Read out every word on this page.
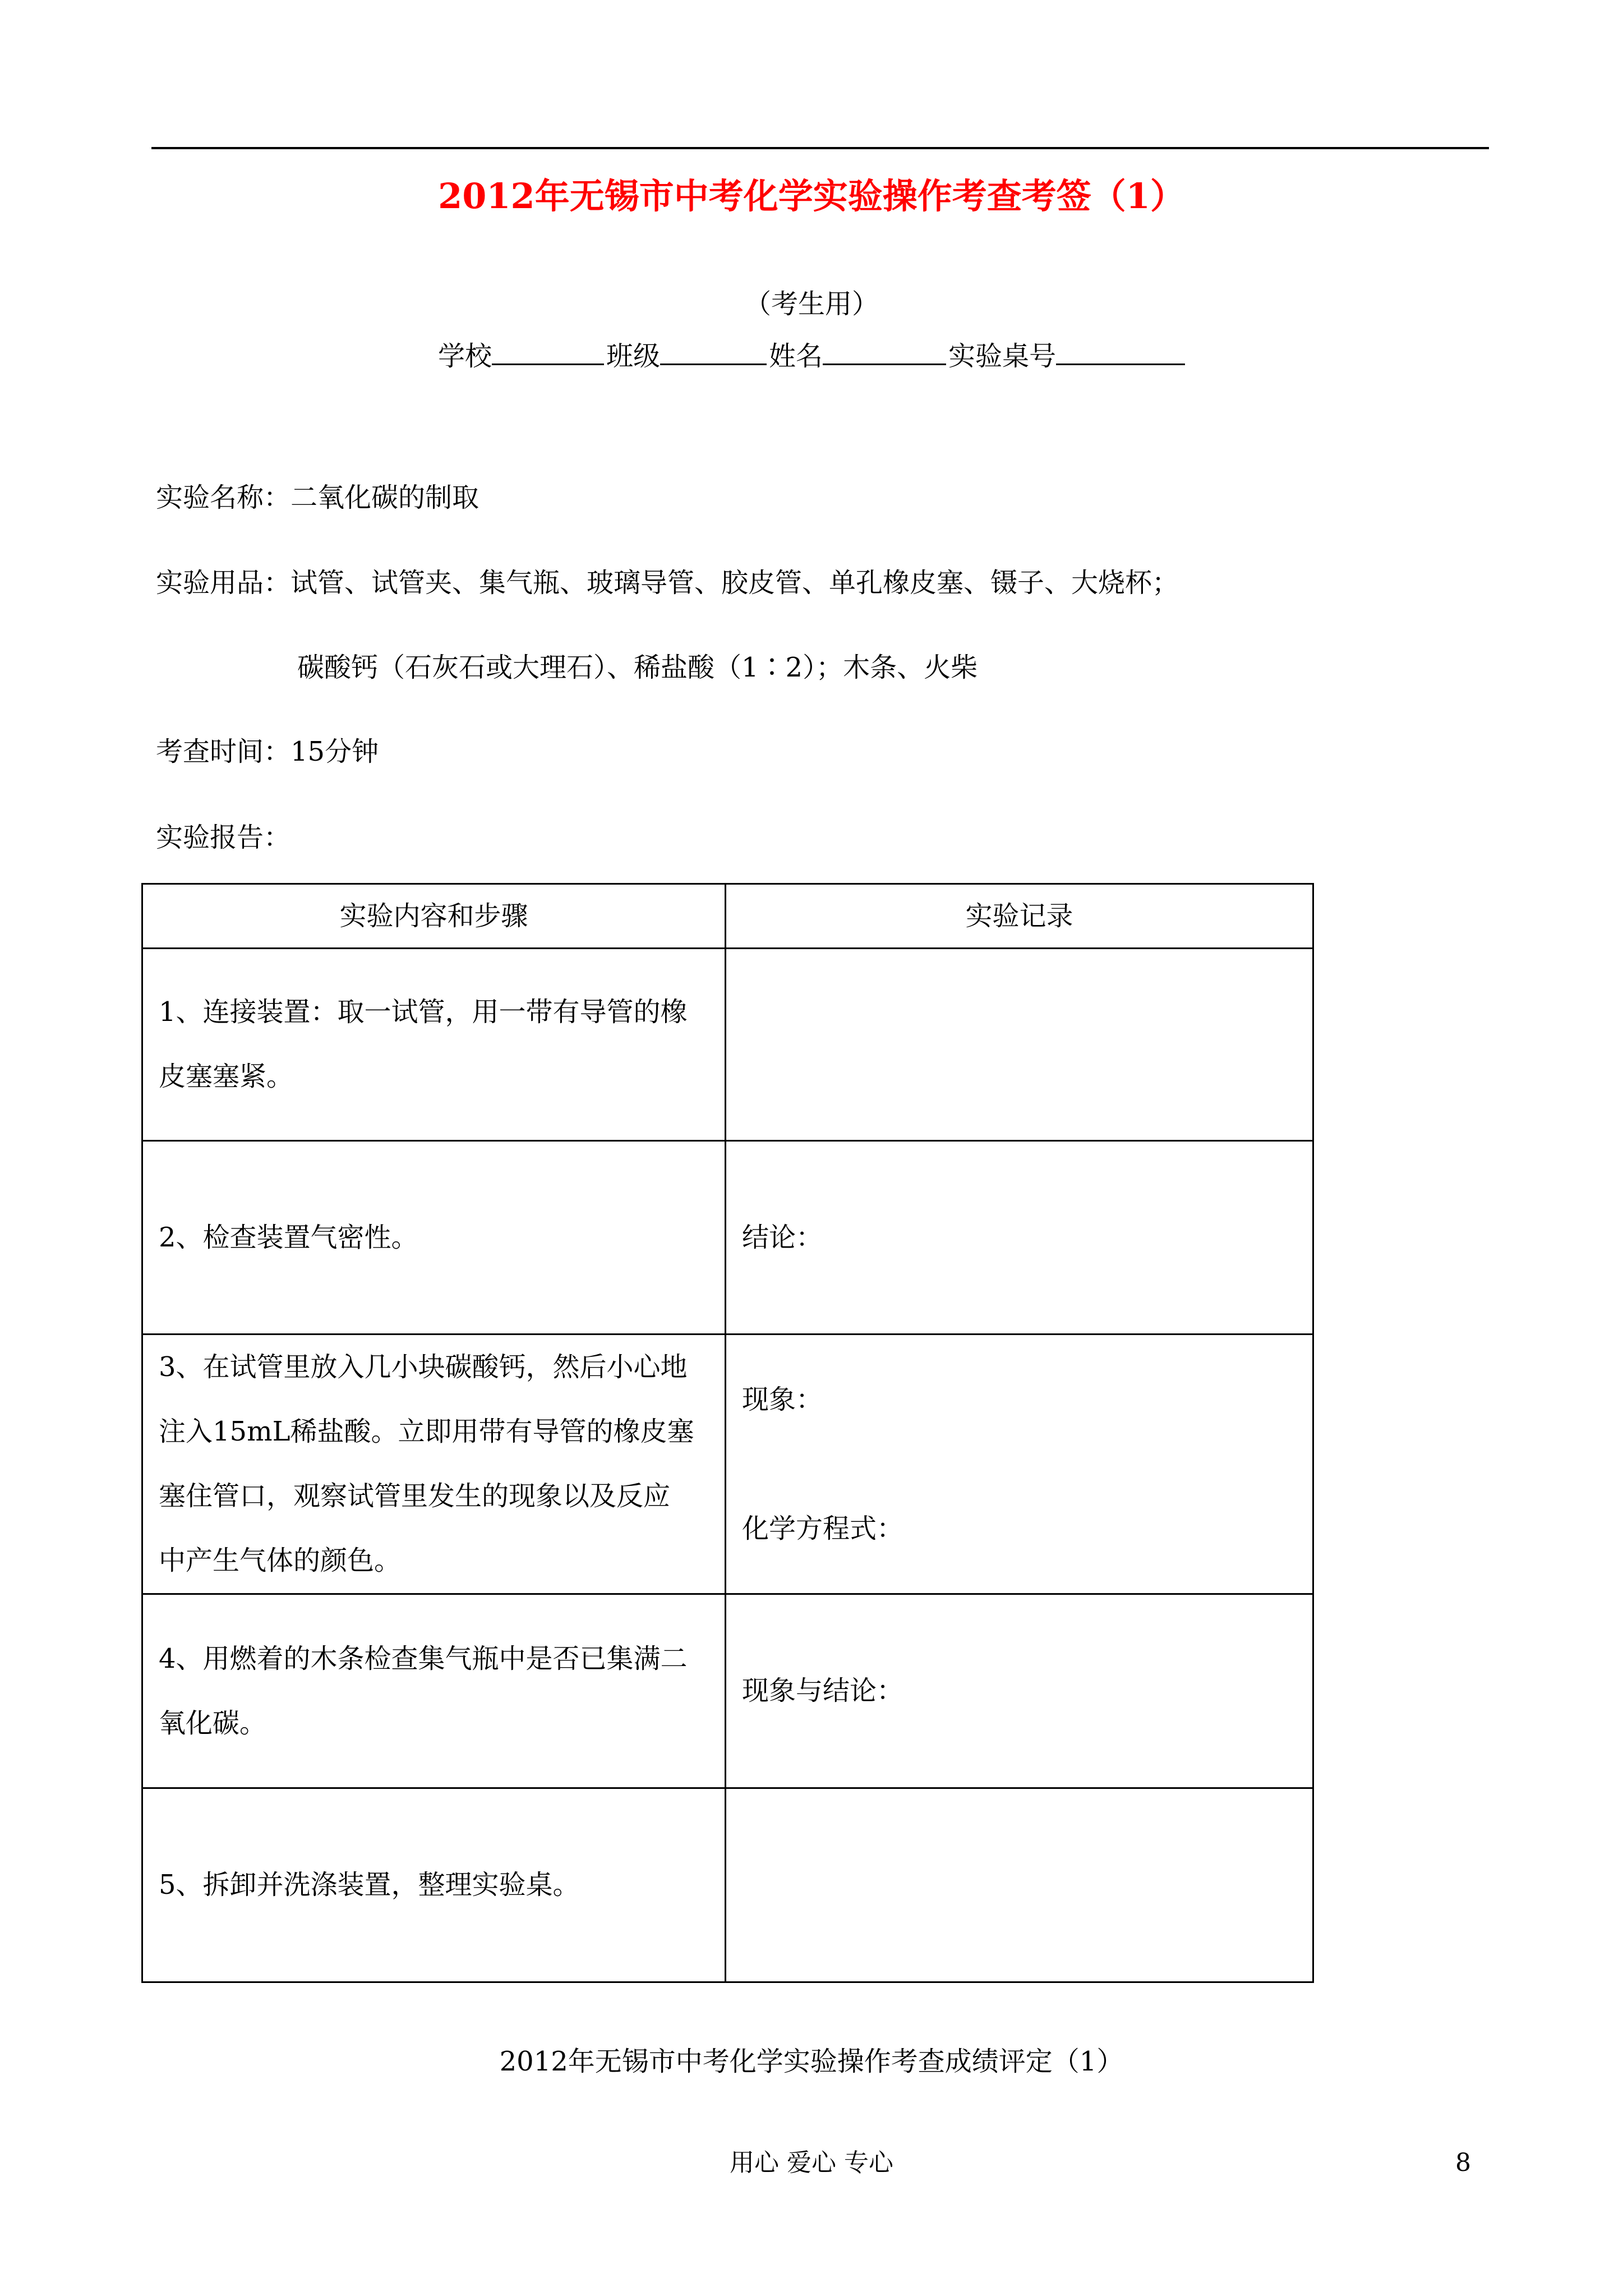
2012年无锡市中考化学实验操作考查考签（1）
（考生用）
学校	班级	姓名	实验桌号
实验名称：二氧化碳的制取
实验用品：试管、试管夹、集气瓶、玻璃导管、胶皮管、单孔橡皮塞、镊子、大烧杯；
碳酸钙（石灰石或大理石）、稀盐酸（1∶2）；木条、火柴
考查时间：15分钟
实验报告：
实验内容和步骤	实验记录

1、连接装置：取一试管，用一带有导管的橡
皮塞塞紧。	

2、检查装置气密性。	结论：

3、在试管里放入几小块碳酸钙，然后小心地
注入15mL稀盐酸。立即用带有导管的橡皮塞
塞住管口，观察试管里发生的现象以及反应
中产生气体的颜色。	现象：
化学方程式：

4、用燃着的木条检查集气瓶中是否已集满二
氧化碳。	现象与结论：

5、拆卸并洗涤装置，整理实验桌。	

2012年无锡市中考化学实验操作考查成绩评定（1）
用心 爱心 专心	8
